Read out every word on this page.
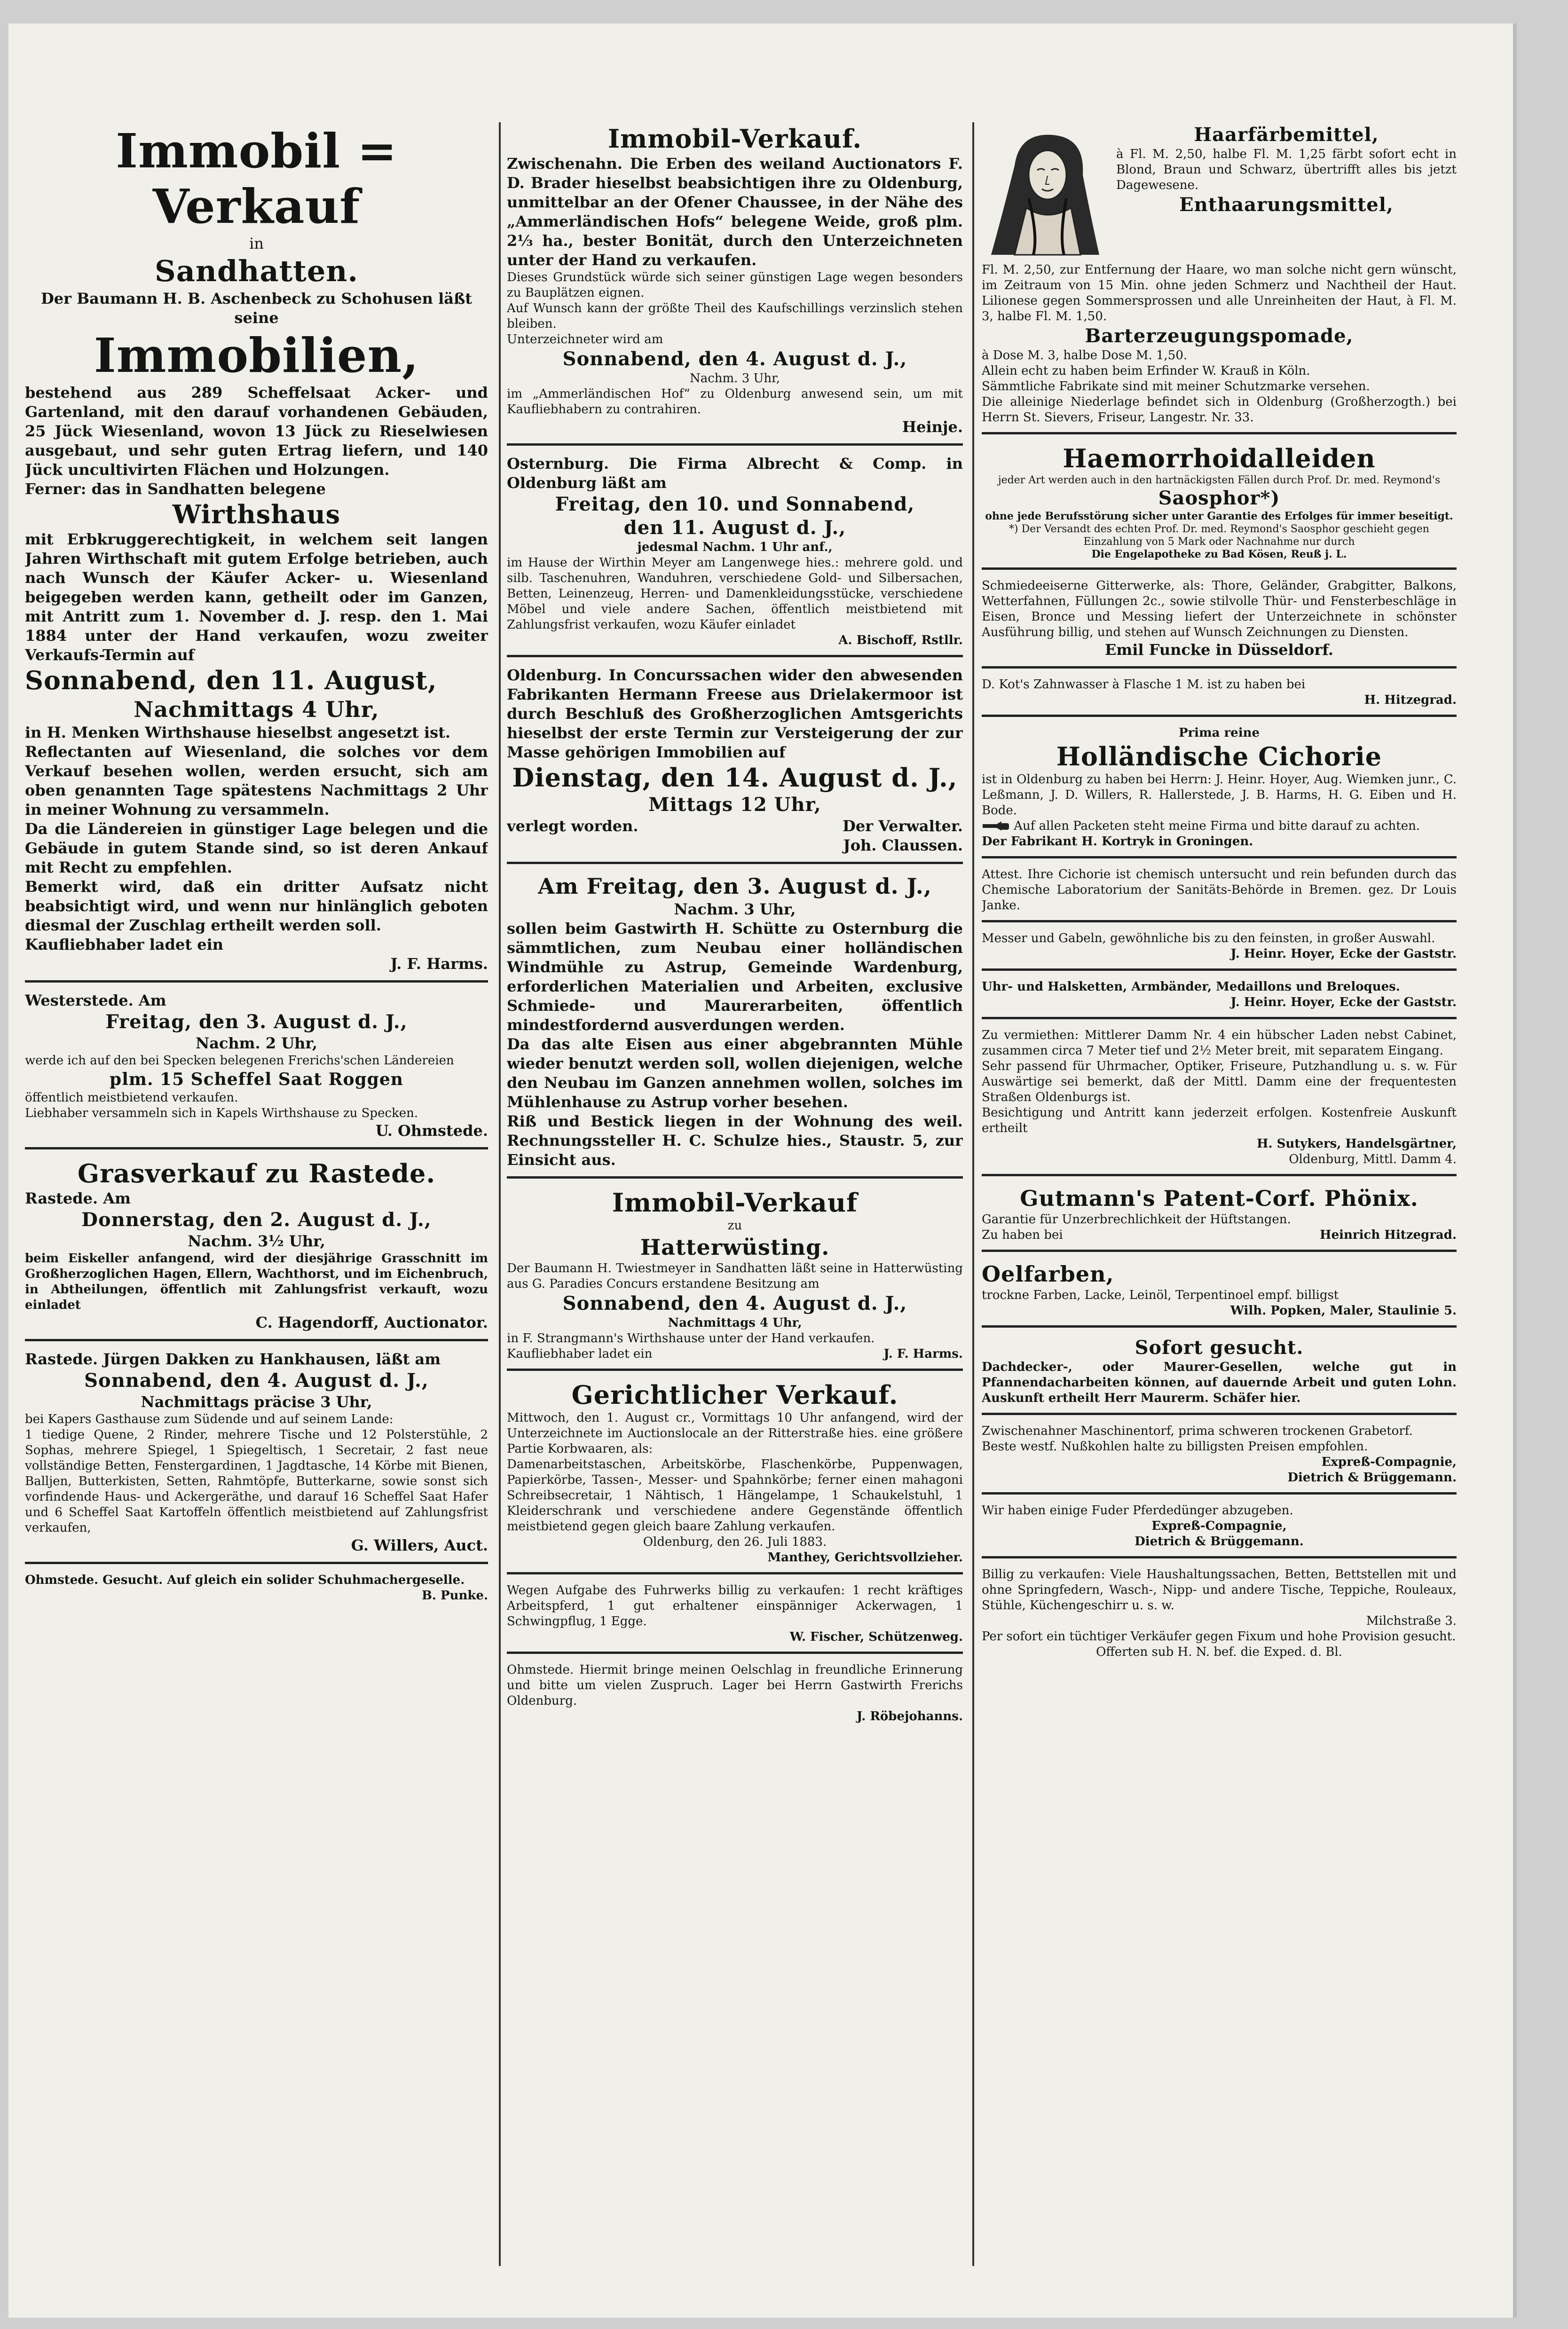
Immobil = Verkauf
in
Sandhatten.
Der Baumann H. B. Aschenbeck zu Schohusen läßt seine
Immobilien,
bestehend aus 289 Scheffelsaat Acker- und Gartenland, mit den darauf vorhandenen Gebäuden, 25 Jück Wiesenland, wovon 13 Jück zu Rieselwiesen ausgebaut, und sehr guten Ertrag liefern, und 140 Jück uncultivirten Flächen und Holzungen.
Ferner: das in Sandhatten belegene
Wirthshaus
mit Erbkruggerechtigkeit, in welchem seit langen Jahren Wirthschaft mit gutem Erfolge betrieben, auch nach Wunsch der Käufer Acker- u. Wiesenland beigegeben werden kann, getheilt oder im Ganzen, mit Antritt zum 1. November d. J. resp. den 1. Mai 1884 unter der Hand verkaufen, wozu zweiter Verkaufs-Termin auf
Sonnabend, den 11. August,
Nachmittags 4 Uhr,
in H. Menken Wirthshause hieselbst angesetzt ist.
Reflectanten auf Wiesenland, die solches vor dem Verkauf besehen wollen, werden ersucht, sich am oben genannten Tage spätestens Nachmittags 2 Uhr in meiner Wohnung zu versammeln.
Da die Ländereien in günstiger Lage belegen und die Gebäude in gutem Stande sind, so ist deren Ankauf mit Recht zu empfehlen.
Bemerkt wird, daß ein dritter Aufsatz nicht beabsichtigt wird, und wenn nur hinlänglich geboten diesmal der Zuschlag ertheilt werden soll.
Kaufliebhaber ladet ein
J. F. Harms.
Westerstede. Am
Freitag, den 3. August d. J.,
Nachm. 2 Uhr,
werde ich auf den bei Specken belegenen Frerichs'schen Ländereien
plm. 15 Scheffel Saat Roggen
öffentlich meistbietend verkaufen.
Liebhaber versammeln sich in Kapels Wirthshause zu Specken.
U. Ohmstede.
Grasverkauf zu Rastede.
Rastede. Am
Donnerstag, den 2. August d. J.,
Nachm. 3½ Uhr,
beim Eiskeller anfangend, wird der diesjährige Grasschnitt im Großherzoglichen Hagen, Ellern, Wachthorst, und im Eichenbruch, in Abtheilungen, öffentlich mit Zahlungsfrist verkauft, wozu einladet
C. Hagendorff, Auctionator.
Rastede. Jürgen Dakken zu Hankhausen, läßt am
Sonnabend, den 4. August d. J.,
Nachmittags präcise 3 Uhr,
bei Kapers Gasthause zum Südende und auf seinem Lande:
1 tiedige Quene, 2 Rinder, mehrere Tische und 12 Polsterstühle, 2 Sophas, mehrere Spiegel, 1 Spiegeltisch, 1 Secretair, 2 fast neue vollständige Betten, Fenstergardinen, 1 Jagdtasche, 14 Körbe mit Bienen, Balljen, Butterkisten, Setten, Rahmtöpfe, Butterkarne, sowie sonst sich vorfindende Haus- und Ackergeräthe, und darauf 16 Scheffel Saat Hafer und 6 Scheffel Saat Kartoffeln öffentlich meistbietend auf Zahlungsfrist verkaufen,
G. Willers, Auct.
Ohmstede. Gesucht. Auf gleich ein solider Schuhmachergeselle.
B. Punke.
Immobil-Verkauf.
Zwischenahn. Die Erben des weiland Auctionators F. D. Brader hieselbst beabsichtigen ihre zu Oldenburg, unmittelbar an der Ofener Chaussee, in der Nähe des „Ammerländischen Hofs“ belegene Weide, groß plm. 2⅓ ha., bester Bonität, durch den Unterzeichneten unter der Hand zu verkaufen.
Dieses Grundstück würde sich seiner günstigen Lage wegen besonders zu Bauplätzen eignen.
Auf Wunsch kann der größte Theil des Kaufschillings verzinslich stehen bleiben.
Unterzeichneter wird am
Sonnabend, den 4. August d. J.,
Nachm. 3 Uhr,
im „Ammerländischen Hof“ zu Oldenburg anwesend sein, um mit Kaufliebhabern zu contrahiren.
Heinje.
Osternburg. Die Firma Albrecht & Comp. in Oldenburg läßt am
Freitag, den 10. und Sonnabend,
den 11. August d. J.,
jedesmal Nachm. 1 Uhr anf.,
im Hause der Wirthin Meyer am Langenwege hies.: mehrere gold. und silb. Taschenuhren, Wanduhren, verschiedene Gold- und Silbersachen, Betten, Leinenzeug, Herren- und Damenkleidungsstücke, verschiedene Möbel und viele andere Sachen, öffentlich meistbietend mit Zahlungsfrist verkaufen, wozu Käufer einladet
A. Bischoff, Rstllr.
Oldenburg. In Concurssachen wider den abwesenden Fabrikanten Hermann Freese aus Drielakermoor ist durch Beschluß des Großherzoglichen Amtsgerichts hieselbst der erste Termin zur Versteigerung der zur Masse gehörigen Immobilien auf
Dienstag, den 14. August d. J.,
Mittags 12 Uhr,
verlegt worden.	Der Verwalter.
Joh. Claussen.
Am Freitag, den 3. August d. J.,
Nachm. 3 Uhr,
sollen beim Gastwirth H. Schütte zu Osternburg die sämmtlichen, zum Neubau einer holländischen Windmühle zu Astrup, Gemeinde Wardenburg, erforderlichen Materialien und Arbeiten, exclusive Schmiede- und Maurerarbeiten, öffentlich mindestfordernd ausverdungen werden.
Da das alte Eisen aus einer abgebrannten Mühle wieder benutzt werden soll, wollen diejenigen, welche den Neubau im Ganzen annehmen wollen, solches im Mühlenhause zu Astrup vorher besehen.
Riß und Bestick liegen in der Wohnung des weil. Rechnungssteller H. C. Schulze hies., Staustr. 5, zur Einsicht aus.
Immobil-Verkauf
zu
Hatterwüsting.
Der Baumann H. Twiestmeyer in Sandhatten läßt seine in Hatterwüsting aus G. Paradies Concurs erstandene Besitzung am
Sonnabend, den 4. August d. J.,
Nachmittags 4 Uhr,
in F. Strangmann's Wirthshause unter der Hand verkaufen.
Kaufliebhaber ladet ein	J. F. Harms.
Gerichtlicher Verkauf.
Mittwoch, den 1. August cr., Vormittags 10 Uhr anfangend, wird der Unterzeichnete im Auctionslocale an der Ritterstraße hies. eine größere Partie Korbwaaren, als:
Damenarbeitstaschen, Arbeitskörbe, Flaschenkörbe, Puppenwagen, Papierkörbe, Tassen-, Messer- und Spahnkörbe; ferner einen mahagoni Schreibsecretair, 1 Nähtisch, 1 Hängelampe, 1 Schaukelstuhl, 1 Kleiderschrank und verschiedene andere Gegenstände öffentlich meistbietend gegen gleich baare Zahlung verkaufen.
Oldenburg, den 26. Juli 1883.
Manthey, Gerichtsvollzieher.
Wegen Aufgabe des Fuhrwerks billig zu verkaufen: 1 recht kräftiges Arbeitspferd, 1 gut erhaltener einspänniger Ackerwagen, 1 Schwingpflug, 1 Egge.
W. Fischer, Schützenweg.
Ohmstede. Hiermit bringe meinen Oelschlag in freundliche Erinnerung und bitte um vielen Zuspruch. Lager bei Herrn Gastwirth Frerichs Oldenburg.
J. Röbejohanns.
Haarfärbemittel,
à Fl. M. 2,50, halbe Fl. M. 1,25 färbt sofort echt in Blond, Braun und Schwarz, übertrifft alles bis jetzt Dagewesene.
Enthaarungsmittel,
Fl. M. 2,50, zur Entfernung der Haare, wo man solche nicht gern wünscht, im Zeitraum von 15 Min. ohne jeden Schmerz und Nachtheil der Haut. Lilionese gegen Sommersprossen und alle Unreinheiten der Haut, à Fl. M. 3, halbe Fl. M. 1,50.
Barterzeugungspomade,
à Dose M. 3, halbe Dose M. 1,50.
Allein echt zu haben beim Erfinder W. Krauß in Köln.
Sämmtliche Fabrikate sind mit meiner Schutzmarke versehen.
Die alleinige Niederlage befindet sich in Oldenburg (Großherzogth.) bei Herrn St. Sievers, Friseur, Langestr. Nr. 33.
Haemorrhoidalleiden
jeder Art werden auch in den hartnäckigsten Fällen durch Prof. Dr. med. Reymond's
Saosphor*)
ohne jede Berufsstörung sicher unter Garantie des Erfolges für immer beseitigt.
*) Der Versandt des echten Prof. Dr. med. Reymond's Saosphor geschieht gegen Einzahlung von 5 Mark oder Nachnahme nur durch
Die Engelapotheke zu Bad Kösen, Reuß j. L.
Schmiedeeiserne Gitterwerke, als: Thore, Geländer, Grabgitter, Balkons, Wetterfahnen, Füllungen 2c., sowie stilvolle Thür- und Fensterbeschläge in Eisen, Bronce und Messing liefert der Unterzeichnete in schönster Ausführung billig, und stehen auf Wunsch Zeichnungen zu Diensten.
Emil Funcke in Düsseldorf.
D. Kot's Zahnwasser à Flasche 1 M. ist zu haben bei
H. Hitzegrad.
Prima reine
Holländische Cichorie
ist in Oldenburg zu haben bei Herrn: J. Heinr. Hoyer, Aug. Wiemken junr., C. Leßmann, J. D. Willers, R. Hallerstede, J. B. Harms, H. G. Eiben und H. Bode.
Auf allen Packeten steht meine Firma und bitte darauf zu achten.
Der Fabrikant H. Kortryk in Groningen.
Attest. Ihre Cichorie ist chemisch untersucht und rein befunden durch das Chemische Laboratorium der Sanitäts-Behörde in Bremen. gez. Dr Louis Janke.
Messer und Gabeln, gewöhnliche bis zu den feinsten, in großer Auswahl.
J. Heinr. Hoyer, Ecke der Gaststr.
Uhr- und Halsketten, Armbänder, Medaillons und Breloques.
J. Heinr. Hoyer, Ecke der Gaststr.
Zu vermiethen: Mittlerer Damm Nr. 4 ein hübscher Laden nebst Cabinet, zusammen circa 7 Meter tief und 2½ Meter breit, mit separatem Eingang.
Sehr passend für Uhrmacher, Optiker, Friseure, Putzhandlung u. s. w. Für Auswärtige sei bemerkt, daß der Mittl. Damm eine der frequentesten Straßen Oldenburgs ist.
Besichtigung und Antritt kann jederzeit erfolgen. Kostenfreie Auskunft ertheilt
H. Sutykers, Handelsgärtner,
Oldenburg, Mittl. Damm 4.
Gutmann's Patent-Corf. Phönix.
Garantie für Unzerbrechlichkeit der Hüftstangen.
Zu haben bei	Heinrich Hitzegrad.
Oelfarben,
trockne Farben, Lacke, Leinöl, Terpentinoel empf. billigst
Wilh. Popken, Maler, Staulinie 5.
Sofort gesucht.
Dachdecker-, oder Maurer-Gesellen, welche gut in Pfannendacharbeiten können, auf dauernde Arbeit und guten Lohn. Auskunft ertheilt Herr Maurerm. Schäfer hier.
Zwischenahner Maschinentorf, prima schweren trockenen Grabetorf.
Beste westf. Nußkohlen halte zu billigsten Preisen empfohlen.
Expreß-Compagnie,
Dietrich & Brüggemann.
Wir haben einige Fuder Pferdedünger abzugeben.
Expreß-Compagnie,
Dietrich & Brüggemann.
Billig zu verkaufen: Viele Haushaltungssachen, Betten, Bettstellen mit und ohne Springfedern, Wasch-, Nipp- und andere Tische, Teppiche, Rouleaux, Stühle, Küchengeschirr u. s. w.
Milchstraße 3.
Per sofort ein tüchtiger Verkäufer gegen Fixum und hohe Provision gesucht.
Offerten sub H. N. bef. die Exped. d. Bl.
